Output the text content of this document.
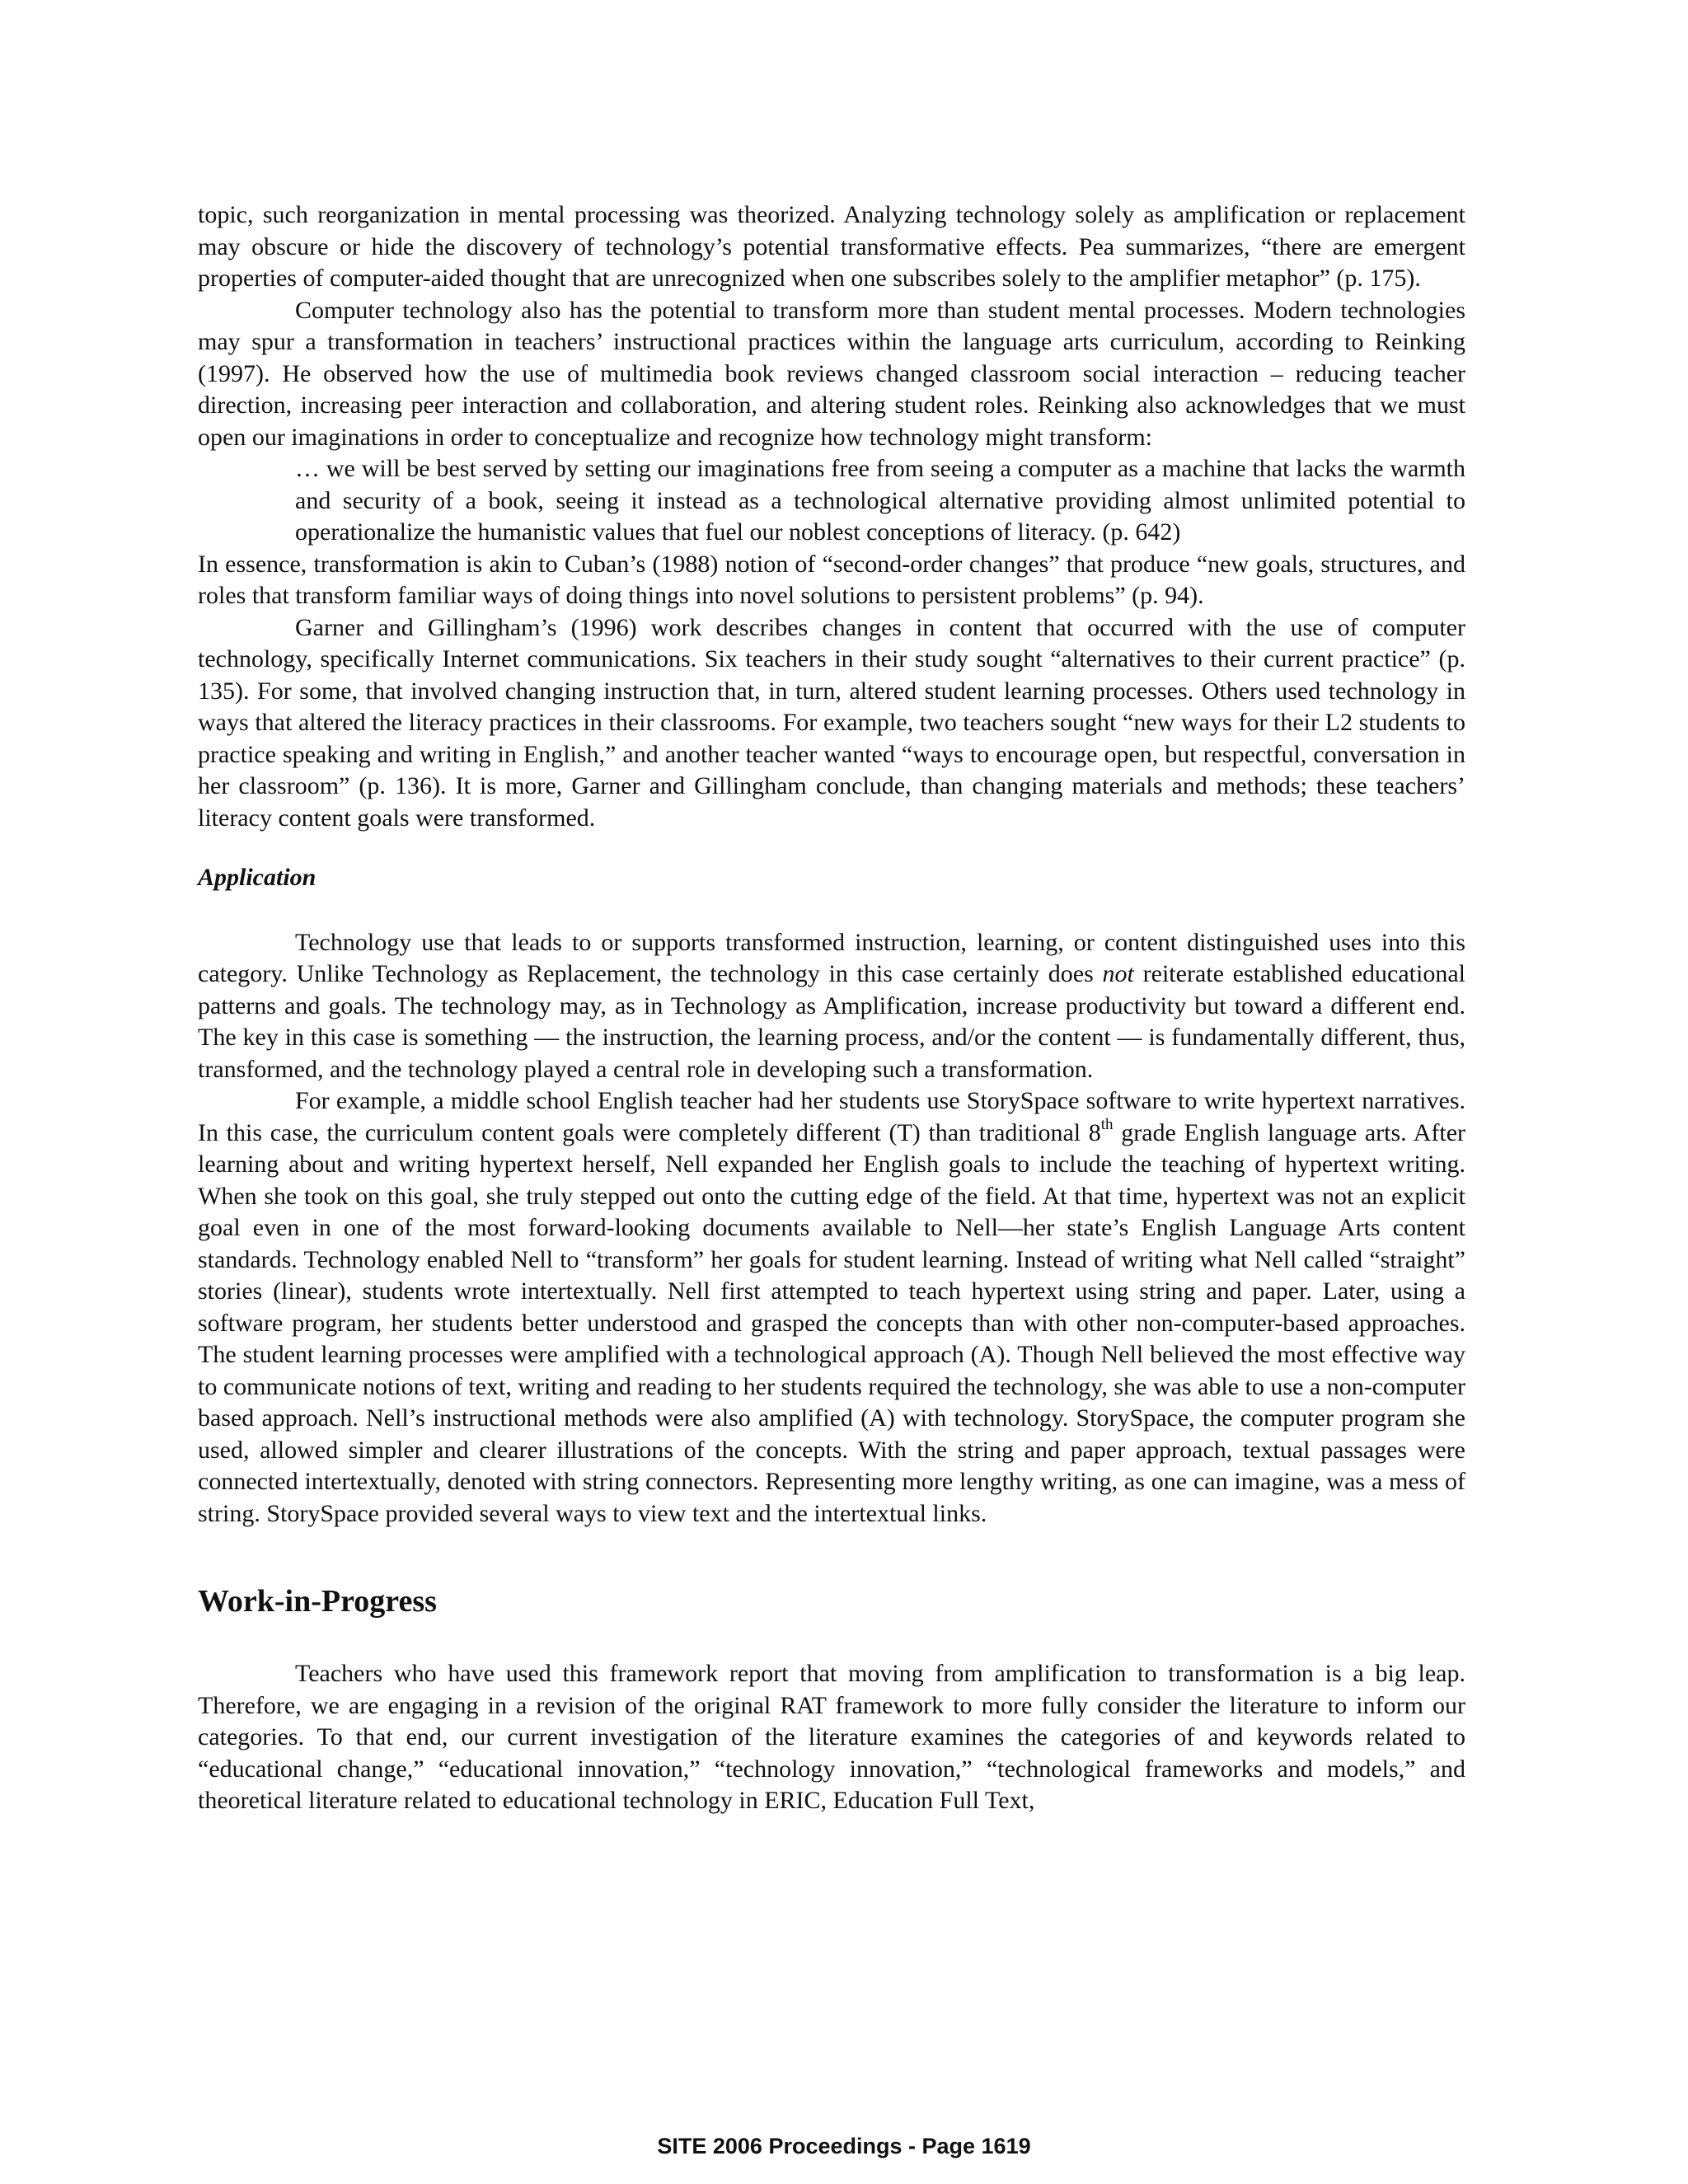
topic, such reorganization in mental processing was theorized. Analyzing technology solely as amplification or replacement may obscure or hide the discovery of technology’s potential transformative effects. Pea summarizes, “there are emergent properties of computer-aided thought that are unrecognized when one subscribes solely to the amplifier metaphor” (p. 175).

Computer technology also has the potential to transform more than student mental processes. Modern technologies may spur a transformation in teachers’ instructional practices within the language arts curriculum, according to Reinking (1997). He observed how the use of multimedia book reviews changed classroom social interaction – reducing teacher direction, increasing peer interaction and collaboration, and altering student roles. Reinking also acknowledges that we must open our imaginations in order to conceptualize and recognize how technology might transform:

… we will be best served by setting our imaginations free from seeing a computer as a machine that lacks the warmth and security of a book, seeing it instead as a technological alternative providing almost unlimited potential to operationalize the humanistic values that fuel our noblest conceptions of literacy. (p. 642)

In essence, transformation is akin to Cuban’s (1988) notion of “second-order changes” that produce “new goals, structures, and roles that transform familiar ways of doing things into novel solutions to persistent problems” (p. 94).

Garner and Gillingham’s (1996) work describes changes in content that occurred with the use of computer technology, specifically Internet communications. Six teachers in their study sought “alternatives to their current practice” (p. 135). For some, that involved changing instruction that, in turn, altered student learning processes. Others used technology in ways that altered the literacy practices in their classrooms. For example, two teachers sought “new ways for their L2 students to practice speaking and writing in English,” and another teacher wanted “ways to encourage open, but respectful, conversation in her classroom” (p. 136). It is more, Garner and Gillingham conclude, than changing materials and methods; these teachers’ literacy content goals were transformed.

Application

Technology use that leads to or supports transformed instruction, learning, or content distinguished uses into this category. Unlike Technology as Replacement, the technology in this case certainly does not reiterate established educational patterns and goals. The technology may, as in Technology as Amplification, increase productivity but toward a different end. The key in this case is something — the instruction, the learning process, and/or the content — is fundamentally different, thus, transformed, and the technology played a central role in developing such a transformation.

For example, a middle school English teacher had her students use StorySpace software to write hypertext narratives. In this case, the curriculum content goals were completely different (T) than traditional 8th grade English language arts. After learning about and writing hypertext herself, Nell expanded her English goals to include the teaching of hypertext writing. When she took on this goal, she truly stepped out onto the cutting edge of the field. At that time, hypertext was not an explicit goal even in one of the most forward-looking documents available to Nell—her state’s English Language Arts content standards. Technology enabled Nell to “transform” her goals for student learning. Instead of writing what Nell called “straight” stories (linear), students wrote intertextually. Nell first attempted to teach hypertext using string and paper. Later, using a software program, her students better understood and grasped the concepts than with other non-computer-based approaches. The student learning processes were amplified with a technological approach (A). Though Nell believed the most effective way to communicate notions of text, writing and reading to her students required the technology, she was able to use a non-computer based approach. Nell’s instructional methods were also amplified (A) with technology. StorySpace, the computer program she used, allowed simpler and clearer illustrations of the concepts. With the string and paper approach, textual passages were connected intertextually, denoted with string connectors. Representing more lengthy writing, as one can imagine, was a mess of string. StorySpace provided several ways to view text and the intertextual links.

Work-in-Progress

Teachers who have used this framework report that moving from amplification to transformation is a big leap. Therefore, we are engaging in a revision of the original RAT framework to more fully consider the literature to inform our categories. To that end, our current investigation of the literature examines the categories of and keywords related to “educational change,” “educational innovation,” “technology innovation,” “technological frameworks and models,” and theoretical literature related to educational technology in ERIC, Education Full Text,

SITE 2006 Proceedings - Page 1619
